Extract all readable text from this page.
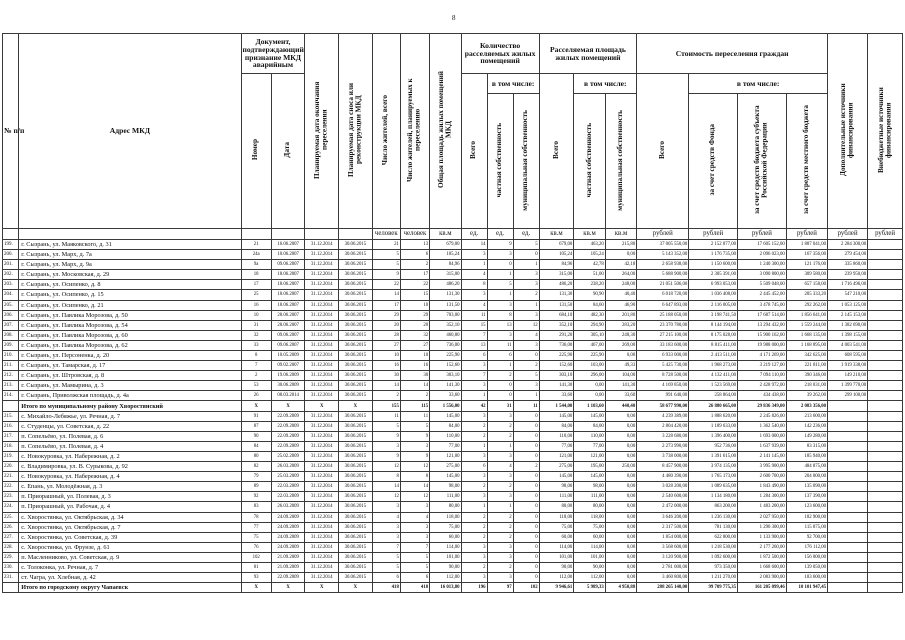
8
№ п/п	Адрес МКД	Документ, подтверждающий признание МКД аварийным		Планируемая дата окончания переселения	Планируемая дата сноса или реконструкции МКД	Число жителей, всего	Число жителей, планируемых к переселению	Общая площадь жилых помещений МКД	Количество расселяемых жилых помещений			Расселяемая площадь жилых помещений			Стоимость переселения граждан				Дополнительные источники финансирования	Внебюджетные источники финансирования
		Номер	Дата						Всего	в том числе:		Всего	в том числе:		Всего	в том числе:				
										частная собственность	муниципальная собственность		частная собственность	муниципальная собственность		за счет средств Фонда	за счет средств бюджета субъекта Российской Федерации	за счет средств местного бюджета		
						человек	человек	кв.м	ед.	ед.	ед.	кв.м	кв.м	кв.м	рублей	рублей	рублей	рублей	рублей	рублей
199.	г. Сызрань, ул. Маяковского, д. 31	21	16.06.2007	31.12.2014	30.06.2015	21	13	679,00	14	9	5	679,00	463,20	215,80	37 005 550,00	2 152 877,00	17 605 152,00	1 887 041,00	2 284 300,00	
200.	г. Сызрань, ул. Марх, д. 7а	24а	10.06.2007	31.12.2014	30.06.2015	5	6	105,24	3	3	0	105,24	105,24	0,00	5 143 352,00	1 176 735,00	2 096 023,00	167 356,00	279 454,00	
201.	г. Сызрань, ул. Марх, д. 9а	9а	09.06.2007	31.12.2014	30.06.2015	5	2	84,96	1	0	1	84,96	42,78	42,18	2 658 938,00	1 150 600,00	1 240 300,00	121 176,00	335 860,00	
202.	г. Сызрань, ул. Московская, д. 29	18	18.06.2007	31.12.2014	30.06.2015	9	17	315,00	4	1	3	315,00	51,00	264,00	5 688 900,00	2 305 391,00	3 090 800,00	309 580,00	239 950,00	
203.	г. Сызрань, ул. Осипенко, д. 8	17	18.06.2007	31.12.2014	30.06.2015	22	22	486,20	8	5	3	486,20	238,20	248,00	21 051 506,00	6 993 053,00	5 509 048,00	657 158,00	1 716 496,00	
204.	г. Сызрань, ул. Осипенко, д. 15	25	18.06.2007	31.12.2014	30.06.2015	14	15	131,30	3	1	2	131,30	90,90	40,40	6 018 720,00	1 036 408,00	2 445 452,00	205 333,20	547 210,00	
205.	г. Сызрань, ул. Осипенко, д. 21	16	18.06.2007	31.12.2014	30.06.2015	17	10	131,50	4	3	1	131,50	84,60	46,90	6 647 893,00	2 116 005,00	3 478 745,00	292 262,00	1 053 125,00	
206.	г. Сызрань, ул. Павлика Морозова, д. 50	10	28.06.2007	31.12.2014	30.06.2015	29	29	703,00	11	8	3	684,10	482,30	201,80	25 188 050,00	3 198 741,50	17 687 514,00	1 856 641,00	2 145 153,00	
207.	г. Сызрань, ул. Павлика Морозова, д. 54	31	28.06.2007	31.12.2014	30.06.2015	20	20	352,10	15	13	12	352,10	294,90	283,20	23 370 780,00	8 144 194,00	13 294 432,00	1 559 244,00	1 382 690,00	
208.	г. Сызрань, ул. Павлика Морозова, д. 60	32	09.06.2007	31.12.2014	30.06.2015	28	32	460,80	7	3	4	291,20	305,10	248,30	27 215 100,00	8 175 028,00	15 900 162,00	1 668 135,00	1 398 155,00	
209.	г. Сызрань, ул. Павлика Морозова, д. 62	33	09.06.2007	31.12.2014	30.06.2015	27	27	736,00	13	11	3	736,00	467,00	269,00	33 183 600,00	8 815 411,00	19 988 000,00	1 168 895,00	4 003 541,00	
210.	г. Сызрань, ул. Персоненка, д. 20	8	10.05.2009	31.12.2014	30.06.2015	10	10	225,90	6	6	0	225,90	225,90	0,00	6 933 000,00	2 413 511,00	4 171 269,00	342 625,00	608 595,00	
211.	г. Сызрань, ул. Тамарская, д. 17	7	09.02.2007	31.12.2014	30.06.2015	16	16	152,60	3	1	2	152,60	103,00	49,33	5 425 730,00	1 968 273,00	3 219 127,00	221 811,00	1 919 338,00	
212.	г. Сызрань, ул. Штровская, д. 8	2	19.06.2009	31.12.2014	30.06.2015	30	30	303,10	7	2	5	303,10	296,00	104,00	8 728 500,00	4 132 411,00	7 094 110,00	390 346,00	149 210,00	
213.	г. Сызрань, ул. Мамырина, д. 3	53	30.06.2009	31.12.2014	30.06.2015	14	14	141,30	3	0	3	141,30	0,00	141,30	4 169 850,00	1 523 569,00	2 428 972,00	218 031,00	1 399 770,00	
214.	г. Сызрань, Приволжская площадь, д. 4а	26	08.03.2014	31.12.2014	30.06.2015	2	2	33,60	1	0	1	33,60	0,00	33,60	991 640,00	258 864,00	434 438,00	39 262,00	299 100,00	
	Итого по муниципальному району Хворостянский	X	X	X	X	155	115	1 556,00	42	31	11	1 544,00	1 103,60	440,40	58 677 990,00	26 880 665,00	29 836 349,00	2 083 356,00		
215.	с. Михайло-Лебяжье, ул. Речная, д. 7	91	22.09.2009	31.12.2014	30.06.2015	11	11	145,00	3	3	0	145,00	145,00	0,00	4 239 389,00	1 888 620,00	2 245 826,00	213 600,00		
216.	с. Студенцы, ул. Советская, д. 22	87	22.09.2009	31.12.2014	30.06.2015	5	5	84,00	2	2	0	84,00	84,00	0,00	2 804 420,00	1 189 633,00	1 362 540,00	142 236,00		
217.	п. Сопельёво, ул. Полевая, д. 6	90	22.09.2009	31.12.2014	30.06.2015	9	9	110,00	2	2	0	110,00	110,00	0,00	3 228 680,00	1 396 400,00	1 693 000,00	149 280,00		
218.	п. Сопельёво, ул. Полевая, д. 4	84	22.09.2009	31.12.2014	30.06.2015	3	3	77,00	1	1	0	77,00	77,00	0,00	2 273 990,00	952 736,00	1 637 939,00	83 315,00		
219.	с. Новокуровка, ул. Набережная, д. 2	80	25.02.2009	31.12.2014	30.06.2015	9	9	121,00	3	3	0	121,00	121,00	0,00	3 738 000,00	1 391 615,00	2 141 145,00	185 940,00		
220.	с. Владимировка, ул. В. Сурыкова, д. 92	82	26.03.2009	31.12.2014	30.06.2015	12	12	275,00	6	4	2	275,00	195,00	250,00	8 457 900,00	3 974 135,00	3 995 900,00	484 875,00		
221.	с. Новокуровка, ул. Набережная, д. 4	79	25.03.2009	31.12.2014	30.06.2015	8	8	145,00	3	3	0	145,00	145,00	0,00	4 480 390,00	1 765 173,00	2 600 700,00	204 000,00		
222.	с. Епань, ул. Молодёжная, д. 3	89	22.03.2009	31.12.2014	30.06.2015	14	14	98,00	2	2	0	98,00	98,00	0,00	3 028 200,00	1 089 635,00	1 843 490,00	135 090,00		
223.	п. Приорашный, ул. Полевая, д. 3	92	22.03.2009	31.12.2014	30.06.2015	12	12	111,00	3	3	0	111,00	111,00	0,00	2 540 600,00	1 134 180,00	1 284 300,00	137 390,00		
224.	п. Приорашный, ул. Рабочая, д. 4	83	26.03.2009	31.12.2014	30.06.2015	3	3	80,00	1	1	0	80,00	80,00	0,00	2 472 000,00	863 200,00	1 483 200,00	123 600,00		
225.	с. Хворостянка, ул. Октябрьская, д. 34	78	24.09.2009	31.12.2014	30.06.2015	4	4	118,00	2	2	0	118,00	118,00	0,00	3 646 200,00	1 236 130,00	2 027 950,00	182 900,00		
226.	с. Хворостянка, ул. Октябрьская, д. 7	77	24.09.2009	31.12.2014	30.06.2015	3	3	75,00	2	2	0	75,00	75,00	0,00	2 317 500,00	781 130,00	1 290 300,00	115 875,00		
227.	с. Хворостянка, ул. Советская, д. 39	75	24.09.2009	31.12.2014	30.06.2015	3	3	60,00	2	2	0	60,00	60,00	0,00	1 854 000,00	622 800,00	1 133 900,00	92 700,00		
228.	с. Хворостянка, ул. Фрунзе, д. 61	76	24.09.2009	31.12.2014	30.06.2015	7	7	114,00	3	3	0	114,00	114,00	0,00	3 568 600,00	1 218 530,00	2 177 260,00	176 112,00		
229.	п. Масленниково, ул. Советская, д. 9	102	21.09.2009	31.12.2014	30.06.2015	5	5	101,00	3	3	0	101,00	101,00	0,00	3 120 900,00	1 092 600,00	1 872 500,00	156 000,00		
230.	с. Толоконка, ул. Речная, д. 7	81	21.09.2009	31.12.2014	30.06.2015	5	5	90,00	2	2	0	90,00	90,00	0,00	2 781 000,00	973 350,00	1 668 600,00	139 050,00		
231.	ст. Чагра, ул. Хлебная, д. 42	93	22.09.2009	31.12.2014	30.06.2015	6	6	112,00	3	3	0	112,00	112,00	0,00	3 460 800,00	1 211 270,00	2 083 900,00	183 600,00		
	Итого по городскому округу Чапаевск	X	X	X	X	418	418	16 013,80	196	97	102	9 946,61	5 989,33	4 950,88	288 265 140,00	99 709 775,35	161 205 099,46	10 101 947,45		
